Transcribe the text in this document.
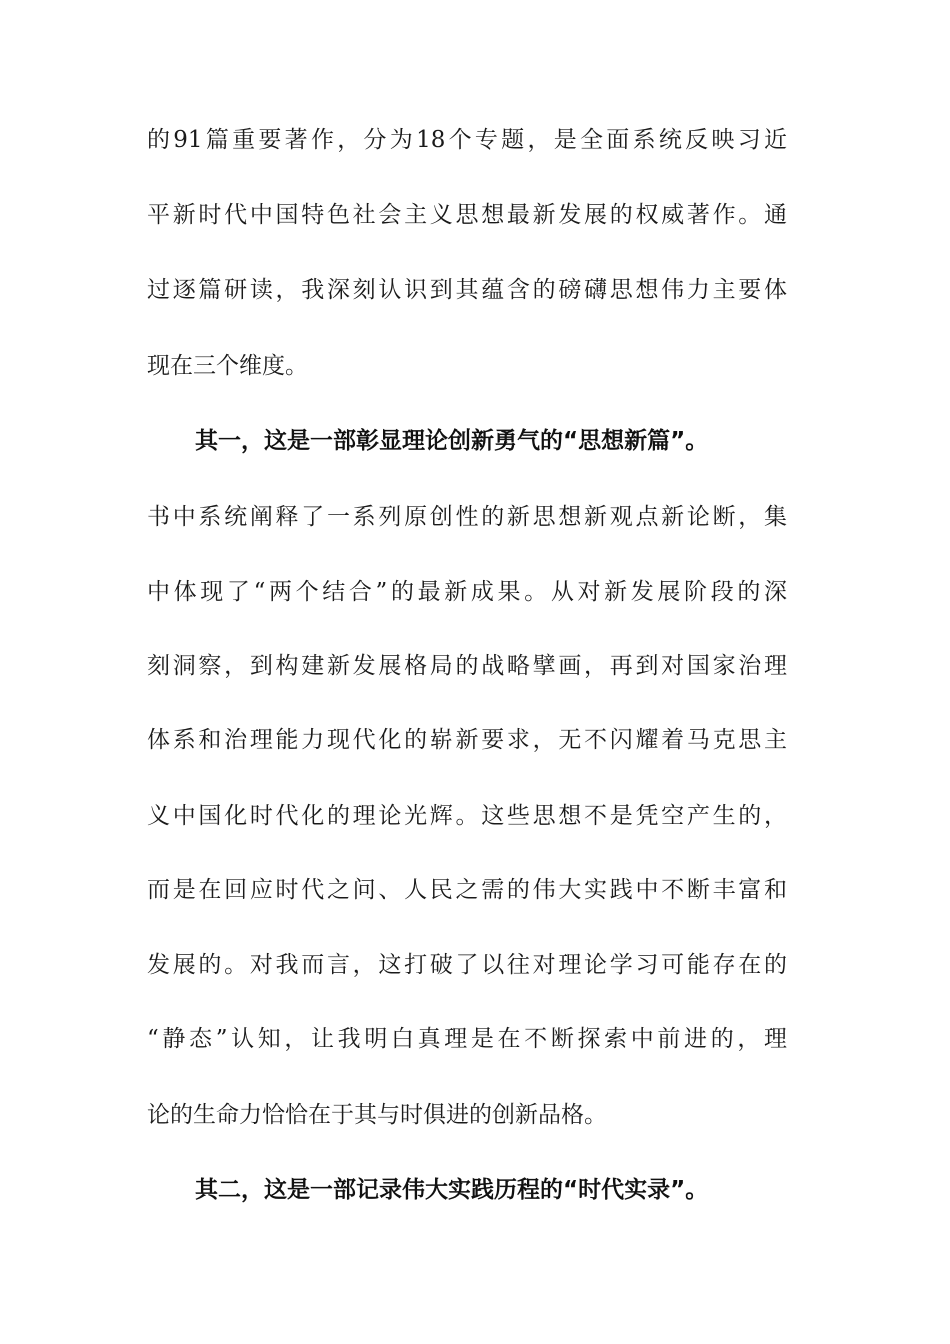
的91篇重要著作，分为18个专题，是全面系统反映习近
平新时代中国特色社会主义思想最新发展的权威著作。通
过逐篇研读，我深刻认识到其蕴含的磅礴思想伟力主要体
现在三个维度。
其一，这是一部彰显理论创新勇气的“思想新篇”。
书中系统阐释了一系列原创性的新思想新观点新论断，集
中体现了“两个结合”的最新成果。从对新发展阶段的深
刻洞察，到构建新发展格局的战略擘画，再到对国家治理
体系和治理能力现代化的崭新要求，无不闪耀着马克思主
义中国化时代化的理论光辉。这些思想不是凭空产生的，
而是在回应时代之问、人民之需的伟大实践中不断丰富和
发展的。对我而言，这打破了以往对理论学习可能存在的
“静态”认知，让我明白真理是在不断探索中前进的，理
论的生命力恰恰在于其与时俱进的创新品格。
其二，这是一部记录伟大实践历程的“时代实录”。
